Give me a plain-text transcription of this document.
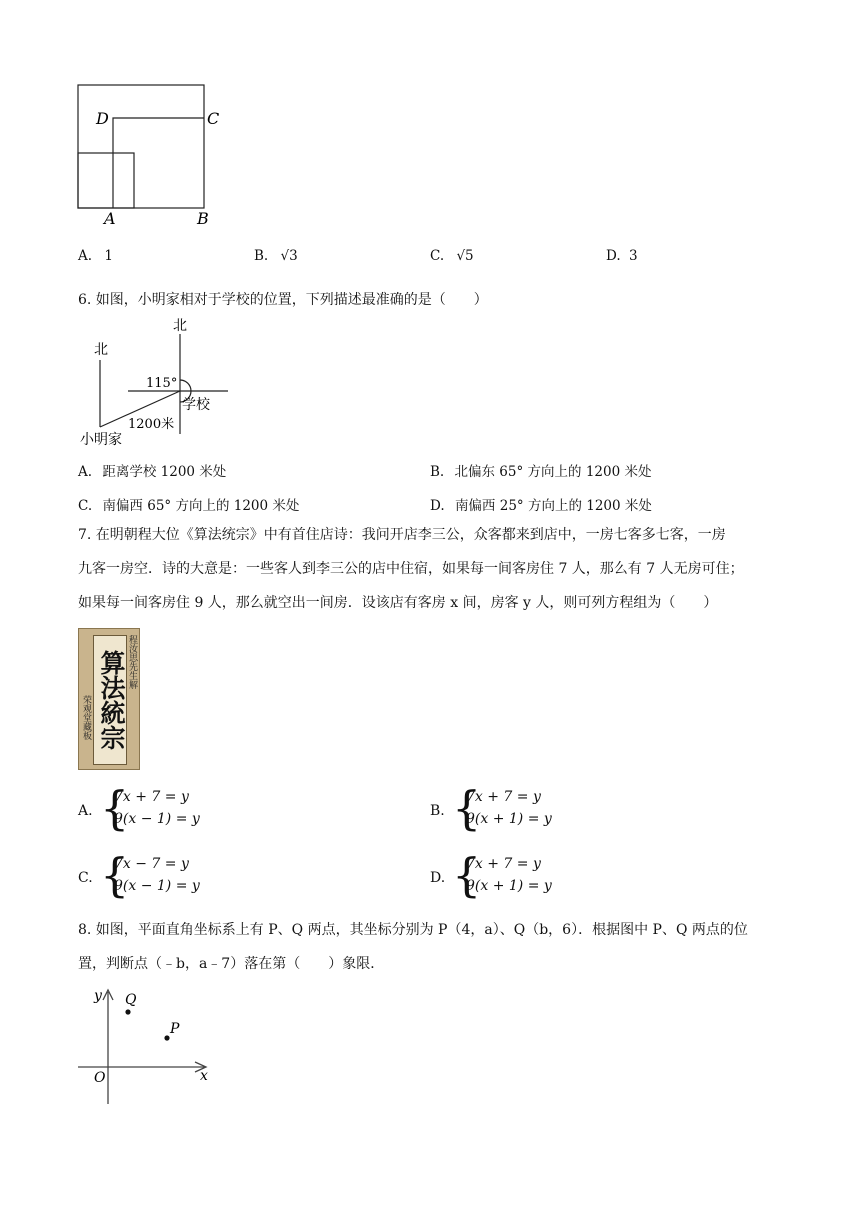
D	C
A	B
A. 1	B. √3	C. √5	D. 3
6. 如图，小明家相对于学校的位置，下列描述最准确的是（　　）
北
北
115°
学校
1200米
小明家
A. 距离学校 1200 米处	B. 北偏东 65° 方向上的 1200 米处
C. 南偏西 65° 方向上的 1200 米处	D. 南偏西 25° 方向上的 1200 米处
7. 在明朝程大位《算法统宗》中有首住店诗：我问开店李三公，众客都来到店中，一房七客多七客，一房
九客一房空．诗的大意是：一些客人到李三公的店中住宿，如果每一间客房住 7 人，那么有 7 人无房可住；
如果每一间客房住 9 人，那么就空出一间房．设该店有客房 x 间，房客 y 人，则可列方程组为（　　）
算法統宗 程汝思先生解
荣观堂藏板
A. {
7x + 7 = y
9(x − 1) = y	B. {
7x + 7 = y
9(x + 1) = y
C. {
7x − 7 = y
9(x − 1) = y	D. {
7x + 7 = y
9(x + 1) = y
8. 如图，平面直角坐标系上有 P、Q 两点，其坐标分别为 P（4，a）、Q（b，6）．根据图中 P、Q 两点的位
置，判断点（﹣b，a﹣7）落在第（　　）象限．
y
x
O
Q
P
